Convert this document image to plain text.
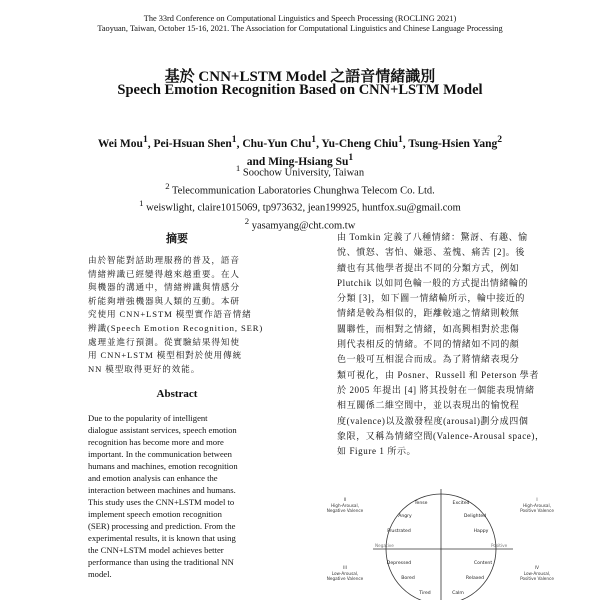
The 33rd Conference on Computational Linguistics and Speech Processing (ROCLING 2021)
Taoyuan, Taiwan, October 15-16, 2021. The Association for Computational Linguistics and Chinese Language Processing
基於 CNN+LSTM Model 之語音情緒識別
Speech Emotion Recognition Based on CNN+LSTM Model
Wei Mou$^1$, Pei-Hsuan Shen$^1$, Chu-Yun Chu$^1$, Yu-Cheng Chiu$^1$, Tsung-Hsien Yang$^2$
and Ming-Hsiang Su$^1$
$^1$ Soochow University, Taiwan
$^2$ Telecommunication Laboratories Chunghwa Telecom Co. Ltd.
$^1$ weiswlight, claire1015069, tp973632, jean199925, huntfox.su@gmail.com
$^2$ yasamyang@cht.com.tw
摘要

由於智能對話助理服務的普及，語音
情緒辨識已經變得越來越重要。在人
與機器的溝通中，情緒辨識與情感分
析能夠增強機器與人類的互動。本研
究使用 CNN+LSTM 模型實作語音情緒
辨識(Speech Emotion Recognition, SER)
處理並進行預測。從實驗結果得知使
用 CNN+LSTM 模型相對於使用傳統
NN 模型取得更好的效能。

Abstract

Due to the popularity of intelligent
dialogue assistant services, speech emotion
recognition has become more and more
important. In the communication between
humans and machines, emotion recognition
and emotion analysis can enhance the
interaction between machines and humans.
This study uses the CNN+LSTM model to
implement speech emotion recognition
(SER) processing and prediction. From the
experimental results, it is known that using
the CNN+LSTM model achieves better
performance than using the traditional NN
model.

由 Tomkin 定義了八種情緒：驚訝、有趣、愉
悅、憤怒、害怕、嫌惡、羞愧、痛苦 [2]。後
續也有其他學者提出不同的分類方式，例如
Plutchik 以如同色輪一般的方式提出情緒輪的
分類 [3]，如下圖一情緒輪所示，輪中接近的
情緒是較為相似的，距離較遠之情緒則較無
關聯性，而相對之情緒，如高興相對於悲傷
則代表相反的情緒。不同的情緒如不同的顏
色一般可互相混合而成。為了將情緒表現分
類可視化，由 Posner、Russell 和 Peterson 學者
於 2005 年提出 [4] 將其投射在一個能表現情緒
相互關係二維空間中，並以表現出的愉悅程
度(valence)以及激發程度(arousal)劃分成四個
象限，又稱為情緒空間(Valence-Arousal space)，
如 Figure 1 所示。

II
High-Arousal,
Negative Valence
I
High-Arousal,
Positive Valence
III
Low-Arousal,
Negative Valence
IV
Low-Arousal,
Positive Valence
Negative	Positive
Tense	Excited
Angry	Delighted
Frustrated	Happy
Depressed	Content
Bored	Relaxed
Tired	Calm
